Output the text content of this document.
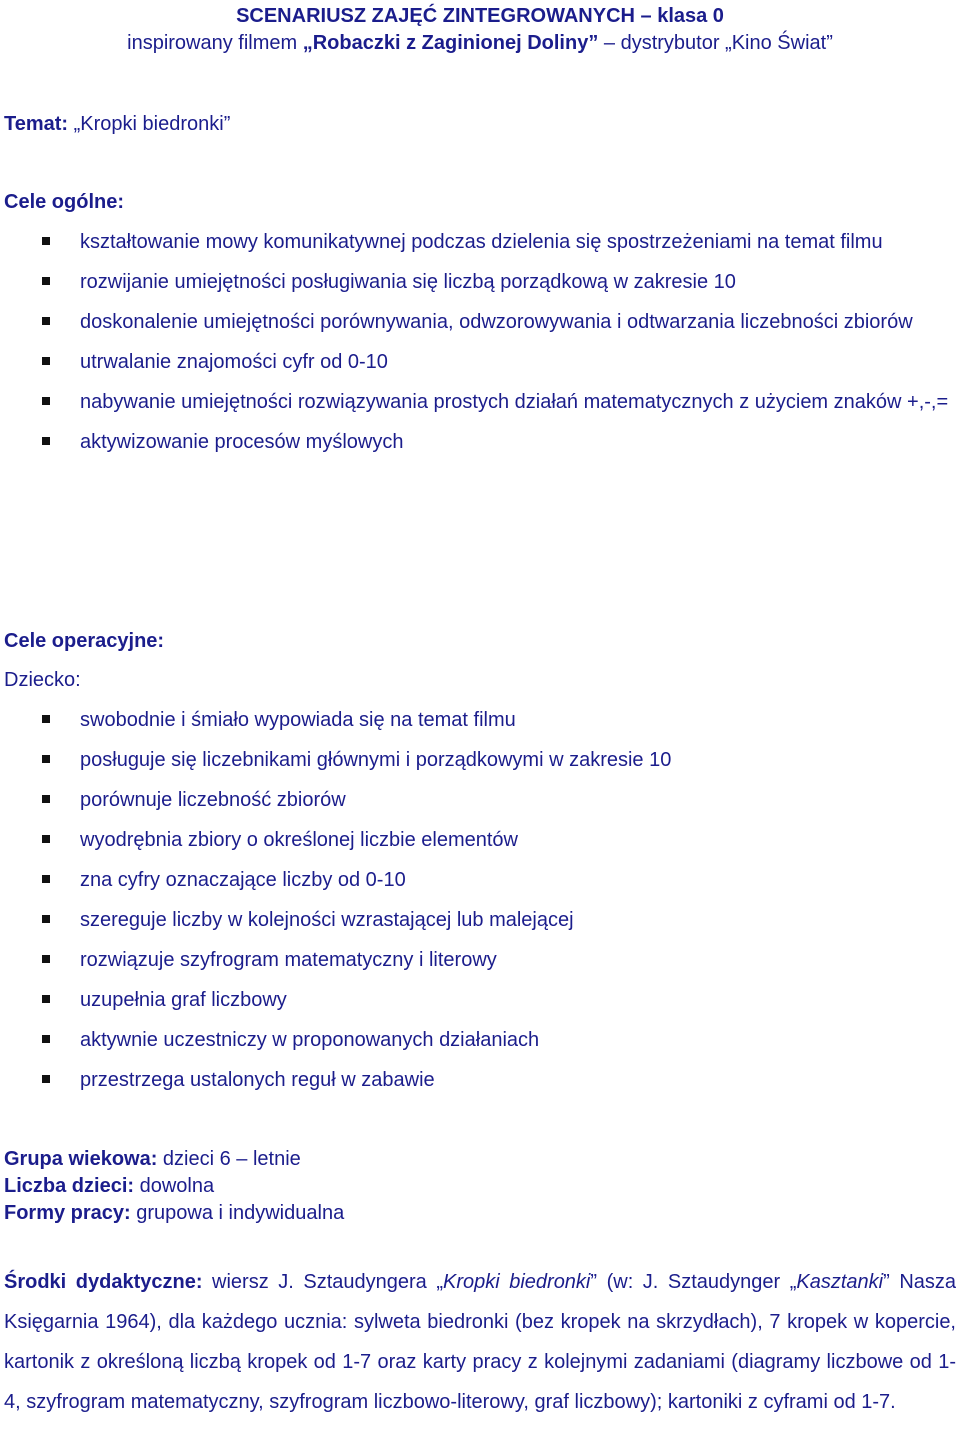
SCENARIUSZ ZAJĘĆ ZINTEGROWANYCH – klasa 0
inspirowany filmem „Robaczki z Zaginionej Doliny” – dystrybutor „Kino Świat”
Temat: „Kropki biedronki”
Cele ogólne:
kształtowanie mowy komunikatywnej podczas dzielenia się spostrzeżeniami na temat filmu
rozwijanie umiejętności posługiwania się liczbą porządkową w zakresie 10
doskonalenie umiejętności porównywania, odwzorowywania i odtwarzania liczebności zbiorów
utrwalanie znajomości cyfr od 0-10
nabywanie umiejętności rozwiązywania prostych działań matematycznych z użyciem znaków +,-,=
aktywizowanie procesów myślowych
Cele operacyjne:
Dziecko:
swobodnie i śmiało wypowiada się na temat filmu
posługuje się liczebnikami głównymi i porządkowymi w zakresie 10
porównuje liczebność zbiorów
wyodrębnia zbiory o określonej liczbie elementów
zna cyfry oznaczające liczby od 0-10
szereguje liczby w kolejności wzrastającej lub malejącej
rozwiązuje szyfrogram matematyczny i literowy
uzupełnia graf liczbowy
aktywnie uczestniczy w proponowanych działaniach
przestrzega ustalonych reguł w zabawie
Grupa wiekowa: dzieci 6 – letnie
Liczba dzieci: dowolna
Formy pracy: grupowa i indywidualna
Środki dydaktyczne: wiersz J. Sztaudyngera „Kropki biedronki” (w: J. Sztaudynger „Kasztanki” Nasza Księgarnia 1964), dla każdego ucznia: sylweta biedronki (bez kropek na skrzydłach), 7 kropek w kopercie, kartonik z określoną liczbą kropek od 1-7 oraz karty pracy z kolejnymi zadaniami (diagramy liczbowe od 1-4, szyfrogram matematyczny, szyfrogram liczbowo-literowy, graf liczbowy); kartoniki z cyframi od 1-7.
